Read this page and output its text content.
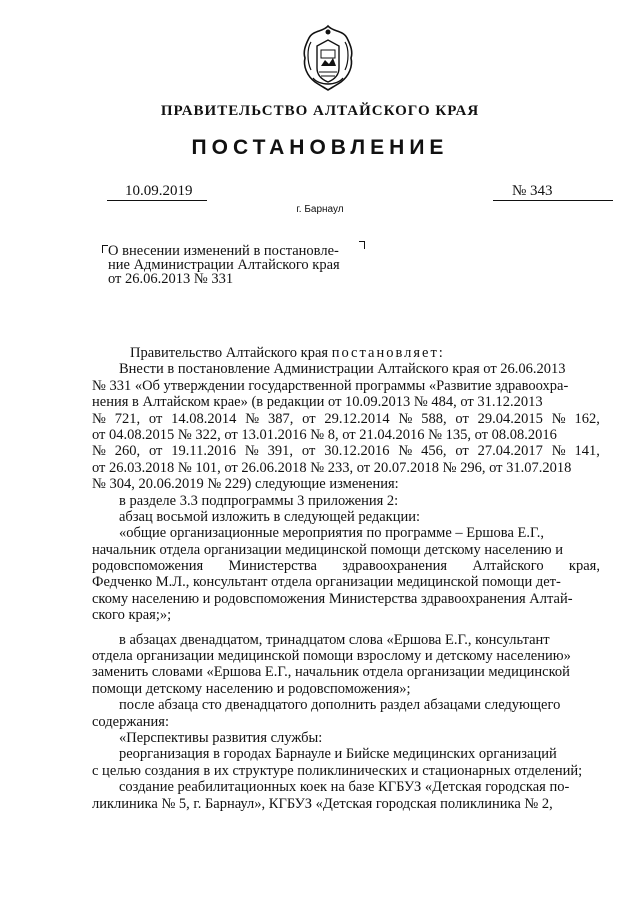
ПРАВИТЕЛЬСТВО АЛТАЙСКОГО КРАЯ
ПОСТАНОВЛЕНИЕ
10.09.2019	№ 343
г. Барнаул
О внесении изменений в постановле-
ние Администрации Алтайского края
от 26.06.2013 № 331
Правительство Алтайского края постановляет:
Внести в постановление Администрации Алтайского края от 26.06.2013
№ 331 «Об утверждении государственной программы «Развитие здравоохра-
нения в Алтайском крае» (в редакции от 10.09.2013 № 484, от 31.12.2013
№ 721, от 14.08.2014 № 387, от 29.12.2014 № 588, от 29.04.2015 № 162,
от 04.08.2015 № 322, от 13.01.2016 № 8, от 21.04.2016 № 135, от 08.08.2016
№ 260, от 19.11.2016 № 391, от 30.12.2016 № 456, от 27.04.2017 № 141,
от 26.03.2018 № 101, от 26.06.2018 № 233, от 20.07.2018 № 296, от 31.07.2018
№ 304, 20.06.2019 № 229) следующие изменения:
в разделе 3.3 подпрограммы 3 приложения 2:
абзац восьмой изложить в следующей редакции:
«общие организационные мероприятия по программе – Ершова Е.Г.,
начальник отдела организации медицинской помощи детскому населению и
родовспоможения Министерства здравоохранения Алтайского края,
Федченко М.Л., консультант отдела организации медицинской помощи дет-
скому населению и родовспоможения Министерства здравоохранения Алтай-
ского края;»;
в абзацах двенадцатом, тринадцатом слова «Ершова Е.Г., консультант
отдела организации медицинской помощи взрослому и детскому населению»
заменить словами «Ершова Е.Г., начальник отдела организации медицинской
помощи детскому населению и родовспоможения»;
после абзаца сто двенадцатого дополнить раздел абзацами следующего
содержания:
«Перспективы развития службы:
реорганизация в городах Барнауле и Бийске медицинских организаций
с целью создания в их структуре поликлинических и стационарных отделений;
создание реабилитационных коек на базе КГБУЗ «Детская городская по-
ликлиника № 5, г. Барнаул», КГБУЗ «Детская городская поликлиника № 2,
